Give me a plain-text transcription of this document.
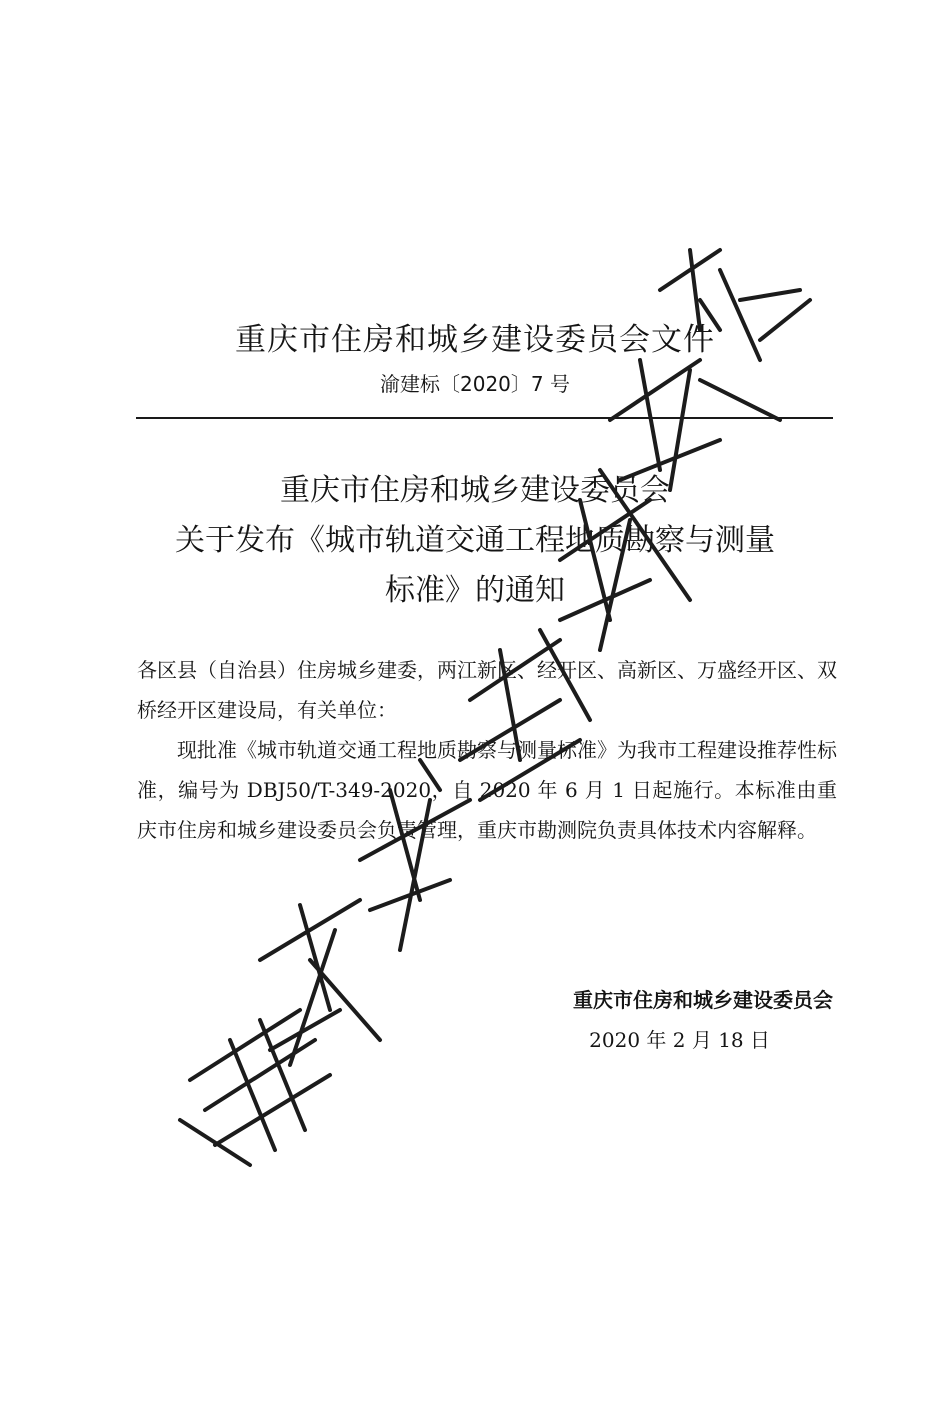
重庆市住房和城乡建设委员会文件
渝建标〔2020〕7 号
重庆市住房和城乡建设委员会
关于发布《城市轨道交通工程地质勘察与测量
标准》的通知

各区县（自治县）住房城乡建委，两江新区、经开区、高新区、万盛经开区、双桥经开区建设局，有关单位：

现批准《城市轨道交通工程地质勘察与测量标准》为我市工程建设推荐性标准，编号为 DBJ50/T-349-2020，自 2020 年 6 月 1 日起施行。本标准由重庆市住房和城乡建设委员会负责管理，重庆市勘测院负责具体技术内容解释。

重庆市住房和城乡建设委员会
2020 年 2 月 18 日
